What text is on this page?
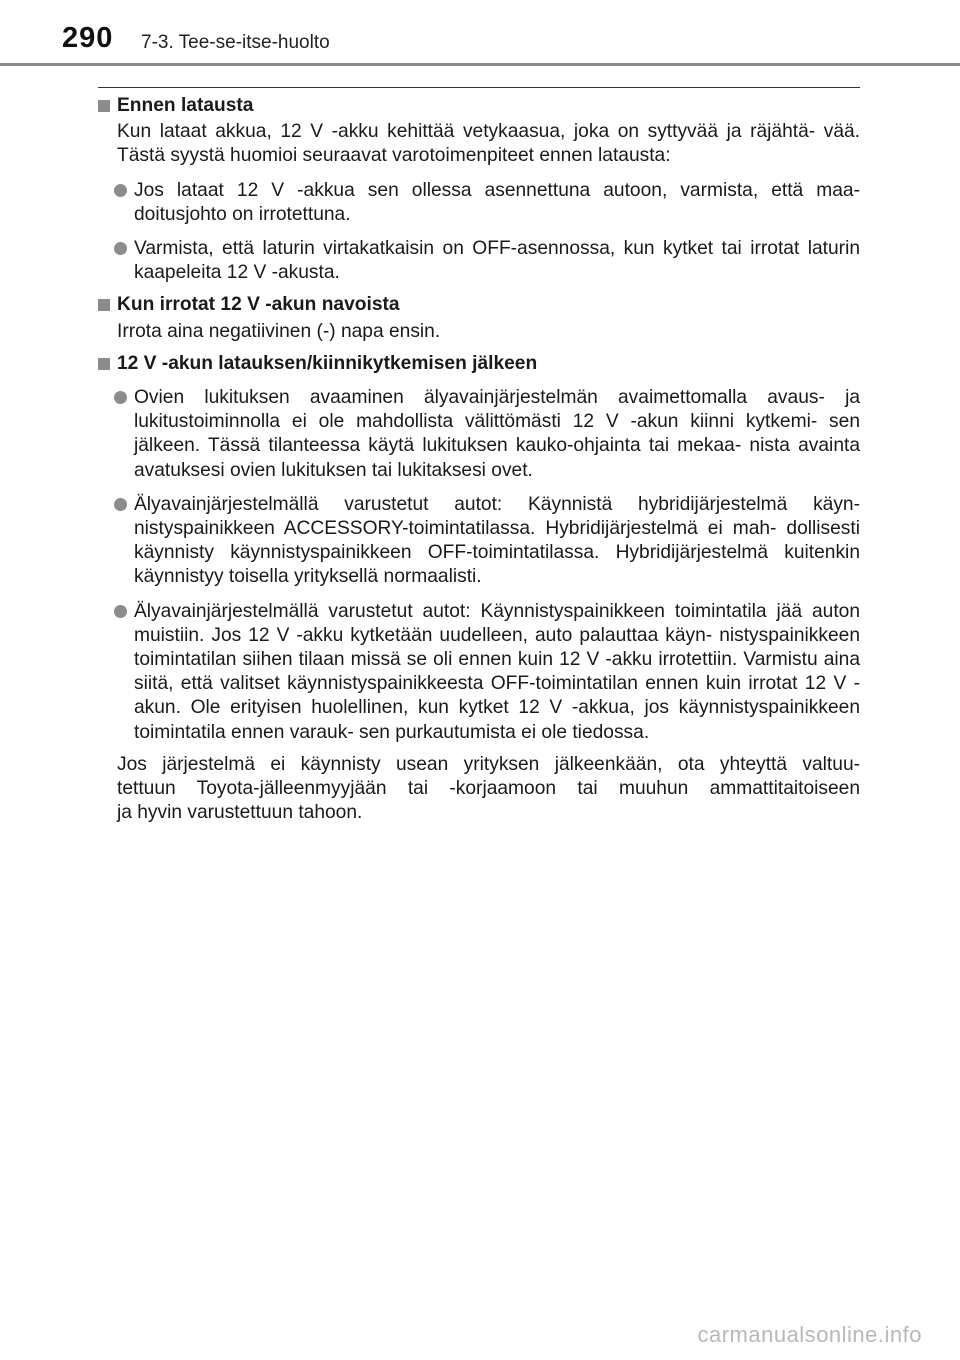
290 7-3. Tee-se-itse-huolto
Ennen latausta
Kun lataat akkua, 12 V -akku kehittää vetykaasua, joka on syttyvää ja räjähtä- vää. Tästä syystä huomioi seuraavat varotoimenpiteet ennen latausta:
Jos lataat 12 V -akkua sen ollessa asennettuna autoon, varmista, että maa- doitusjohto on irrotettuna.
Varmista, että laturin virtakatkaisin on OFF-asennossa, kun kytket tai irrotat laturin kaapeleita 12 V -akusta.
Kun irrotat 12 V -akun navoista
Irrota aina negatiivinen (-) napa ensin.
12 V -akun latauksen/kiinnikytkemisen jälkeen
Ovien lukituksen avaaminen älyavainjärjestelmän avaimettomalla avaus- ja lukitustoiminnolla ei ole mahdollista välittömästi 12 V -akun kiinni kytkemi- sen jälkeen. Tässä tilanteessa käytä lukituksen kauko-ohjainta tai mekaa- nista avainta avatuksesi ovien lukituksen tai lukitaksesi ovet.
Älyavainjärjestelmällä varustetut autot: Käynnistä hybridijärjestelmä käyn- nistyspainikkeen ACCESSORY-toimintatilassa. Hybridijärjestelmä ei mah- dollisesti käynnisty käynnistyspainikkeen OFF-toimintatilassa. Hybridijärjestelmä kuitenkin käynnistyy toisella yrityksellä normaalisti.
Älyavainjärjestelmällä varustetut autot: Käynnistyspainikkeen toimintatila jää auton muistiin. Jos 12 V -akku kytketään uudelleen, auto palauttaa käyn- nistyspainikkeen toimintatilan siihen tilaan missä se oli ennen kuin 12 V -akku irrotettiin. Varmistu aina siitä, että valitset käynnistyspainikkeesta OFF-toimintatilan ennen kuin irrotat 12 V -akun. Ole erityisen huolellinen, kun kytket 12 V -akkua, jos käynnistyspainikkeen toimintatila ennen varauk- sen purkautumista ei ole tiedossa.
Jos järjestelmä ei käynnisty usean yrityksen jälkeenkään, ota yhteyttä valtuu-
tettuun Toyota-jälleenmyyjään tai -korjaamoon tai muuhun ammattitaitoiseen
ja hyvin varustettuun tahoon.
carmanualsonline.info
